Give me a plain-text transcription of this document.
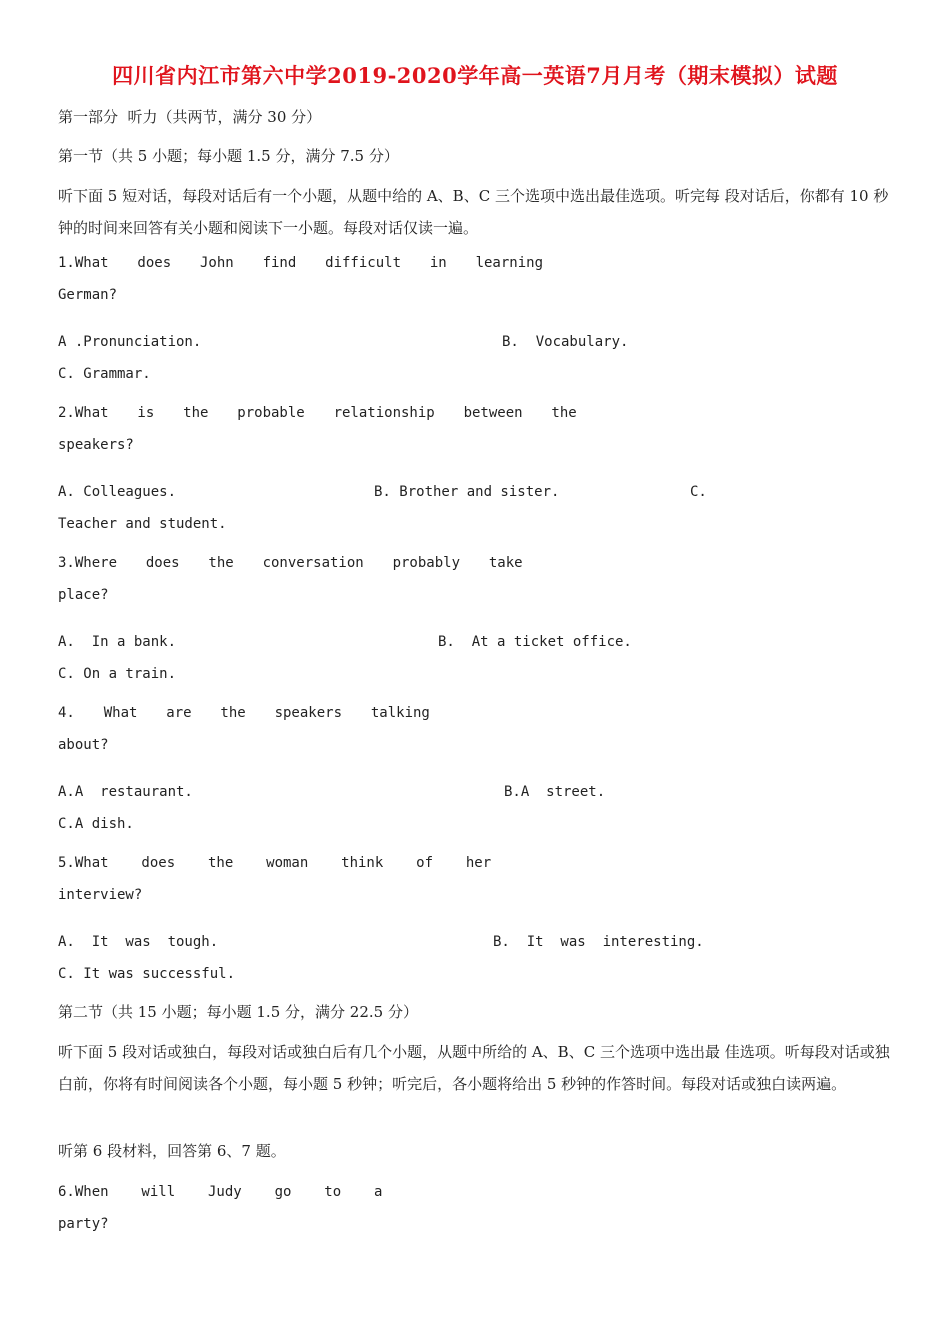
四川省内江市第六中学2019-2020学年高一英语7月月考（期末模拟）试题
第一部分  听力（共两节，满分 30 分）
第一节（共 5 小题；每小题 1.5 分，满分 7.5 分）
听下面 5 短对话，每段对话后有一个小题，从题中给的 A、B、C 三个选项中选出最佳选项。听完每 段对话后，你都有 10 秒钟的时间来回答有关小题和阅读下一小题。每段对话仅读一遍。
1.What  does  John  find  difficult  in  learning
German?
A .Pronunciation.	B.  Vocabulary.
C. Grammar.
2.What  is  the  probable  relationship  between  the
speakers?
A. Colleagues.	B. Brother and sister.	C.
Teacher and student.
3.Where  does  the  conversation  probably  take
place?
A.  In a bank.	B.  At a ticket office.
C. On a train.
4.  What  are  the  speakers  talking
about?
A.A  restaurant.	B.A  street.
C.A dish.
5.What  does  the  woman  think  of  her
interview?
A.  It  was  tough.	B.  It  was  interesting.
C. It was successful.
第二节（共 15 小题；每小题 1.5 分，满分 22.5 分）
听下面 5 段对话或独白，每段对话或独白后有几个小题，从题中所给的 A、B、C 三个选项中选出最 佳选项。听每段对话或独白前，你将有时间阅读各个小题，每小题 5 秒钟；听完后，各小题将给出 5 秒钟的作答时间。每段对话或独白读两遍。
听第 6 段材料，回答第 6、7 题。
6.When  will  Judy  go  to  a
party?
